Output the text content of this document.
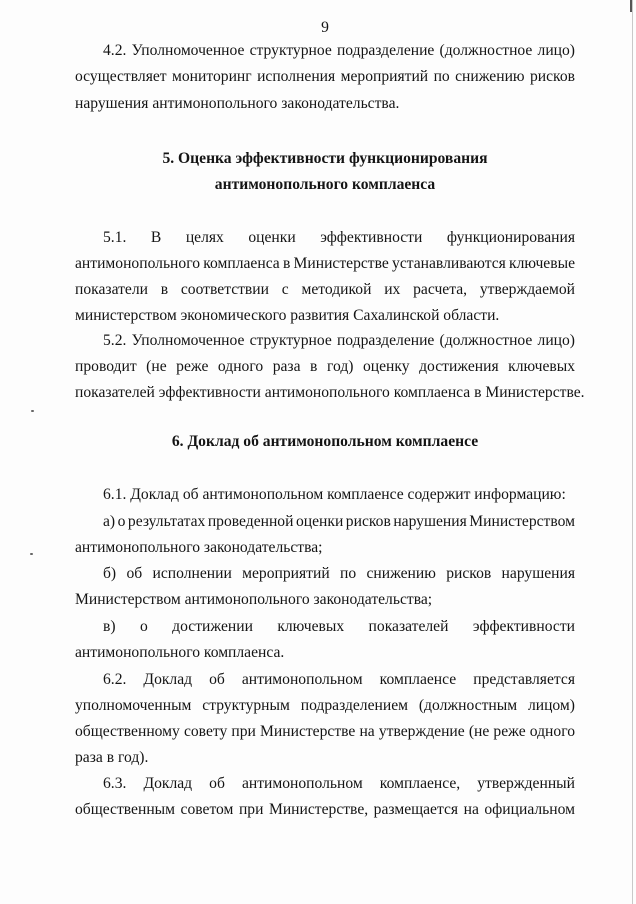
9
4.2. Уполномоченное структурное подразделение (должностное лицо)
осуществляет мониторинг исполнения мероприятий по снижению рисков
нарушения антимонопольного законодательства.
5. Оценка эффективности функционирования
антимонопольного комплаенса
5.1. В целях оценки эффективности функционирования
антимонопольного комплаенса в Министерстве устанавливаются ключевые
показатели в соответствии с методикой их расчета, утверждаемой
министерством экономического развития Сахалинской области.
5.2. Уполномоченное структурное подразделение (должностное лицо)
проводит (не реже одного раза в год) оценку достижения ключевых
показателей эффективности антимонопольного комплаенса в Министерстве.
6. Доклад об антимонопольном комплаенсе
6.1. Доклад об антимонопольном комплаенсе содержит информацию:
а) о результатах проведенной оценки рисков нарушения Министерством
антимонопольного законодательства;
б) об исполнении мероприятий по снижению рисков нарушения
Министерством антимонопольного законодательства;
в) о достижении ключевых показателей эффективности
антимонопольного комплаенса.
6.2. Доклад об антимонопольном комплаенсе представляется
уполномоченным структурным подразделением (должностным лицом)
общественному совету при Министерстве на утверждение (не реже одного
раза в год).
6.3. Доклад об антимонопольном комплаенсе, утвержденный
общественным советом при Министерстве, размещается на официальном
